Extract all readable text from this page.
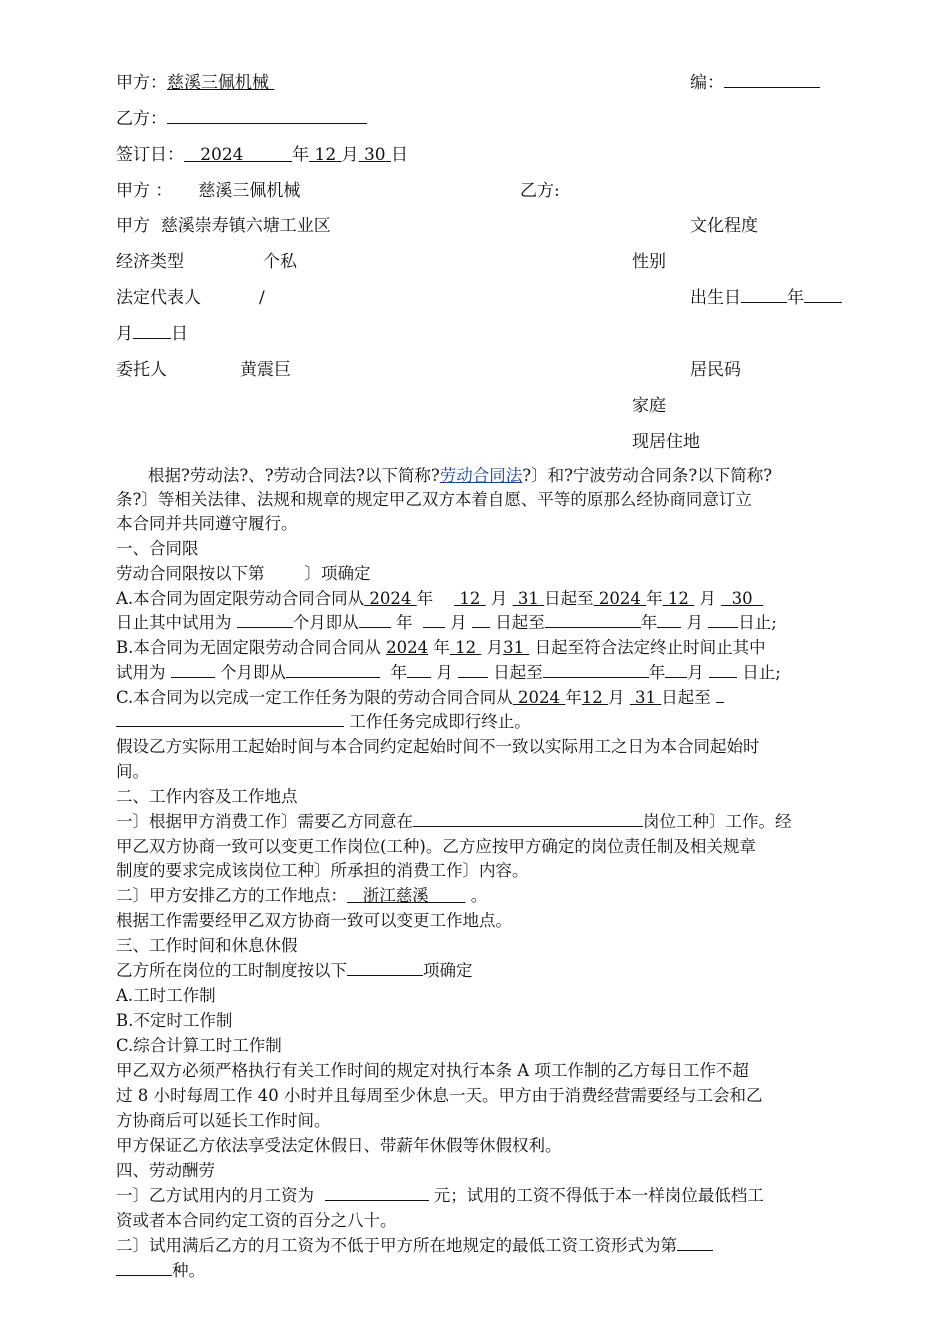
甲方：慈溪三佩机械	编：
乙方：
签订日： 2024	年 12 月 30 日
甲方 ： 慈溪三佩机械	乙方:
甲方 慈溪崇寿镇六塘工业区	文化程度
经济类型	个私	性别
法定代表人	/	出生日	年
月 日
委托人	黄震巨	居民码
家庭
现居住地
根据?劳动法?、?劳动合同法?以下简称?劳动合同法?〕和?宁波劳动合同条?以下简称?
条?〕等相关法律、法规和规章的规定甲乙双方本着自愿、平等的原那么经协商同意订立
本合同并共同遵守履行。
一、合同限
劳动合同限按以下第 〕项确定
A.本合同为固定限劳动合同合同从 2024 年 12 月 31 日起至 2024 年 12 月 30
日止其中试用为	个月即从 年 月 日起至	年 月 日止;
B.本合同为无固定限劳动合同合同从 2024 年 12 月31 日起至符合法定终止时间止其中
试用为	个月即从	年 月 日起至	年 月 日止;
C.本合同为以完成一定工作任务为限的劳动合同合同从 2024 年12 月 31 日起至
工作任务完成即行终止。
假设乙方实际用工起始时间与本合同约定起始时间不一致以实际用工之日为本合同起始时
间。
二、工作内容及工作地点
一〕根据甲方消费工作〕需要乙方同意在	岗位工种〕工作。经
甲乙双方协商一致可以变更工作岗位(工种)。乙方应按甲方确定的岗位责任制及相关规章
制度的要求完成该岗位工种〕所承担的消费工作〕内容。
二〕甲方安排乙方的工作地点： 浙江慈溪	。
根据工作需要经甲乙双方协商一致可以变更工作地点。
三、工作时间和休息休假
乙方所在岗位的工时制度按以下	项确定
A.工时工作制
B.不定时工作制
C.综合计算工时工作制
甲乙双方必须严格执行有关工作时间的规定对执行本条 A 项工作制的乙方每日工作不超
过 8 小时每周工作 40 小时并且每周至少休息一天。甲方由于消费经营需要经与工会和乙
方协商后可以延长工作时间。
甲方保证乙方依法享受法定休假日、带薪年休假等休假权利。
四、劳动酬劳
一〕乙方试用内的月工资为	元；试用的工资不得低于本一样岗位最低档工
资或者本合同约定工资的百分之八十。
二〕试用满后乙方的月工资为不低于甲方所在地规定的最低工资工资形式为第
种。
